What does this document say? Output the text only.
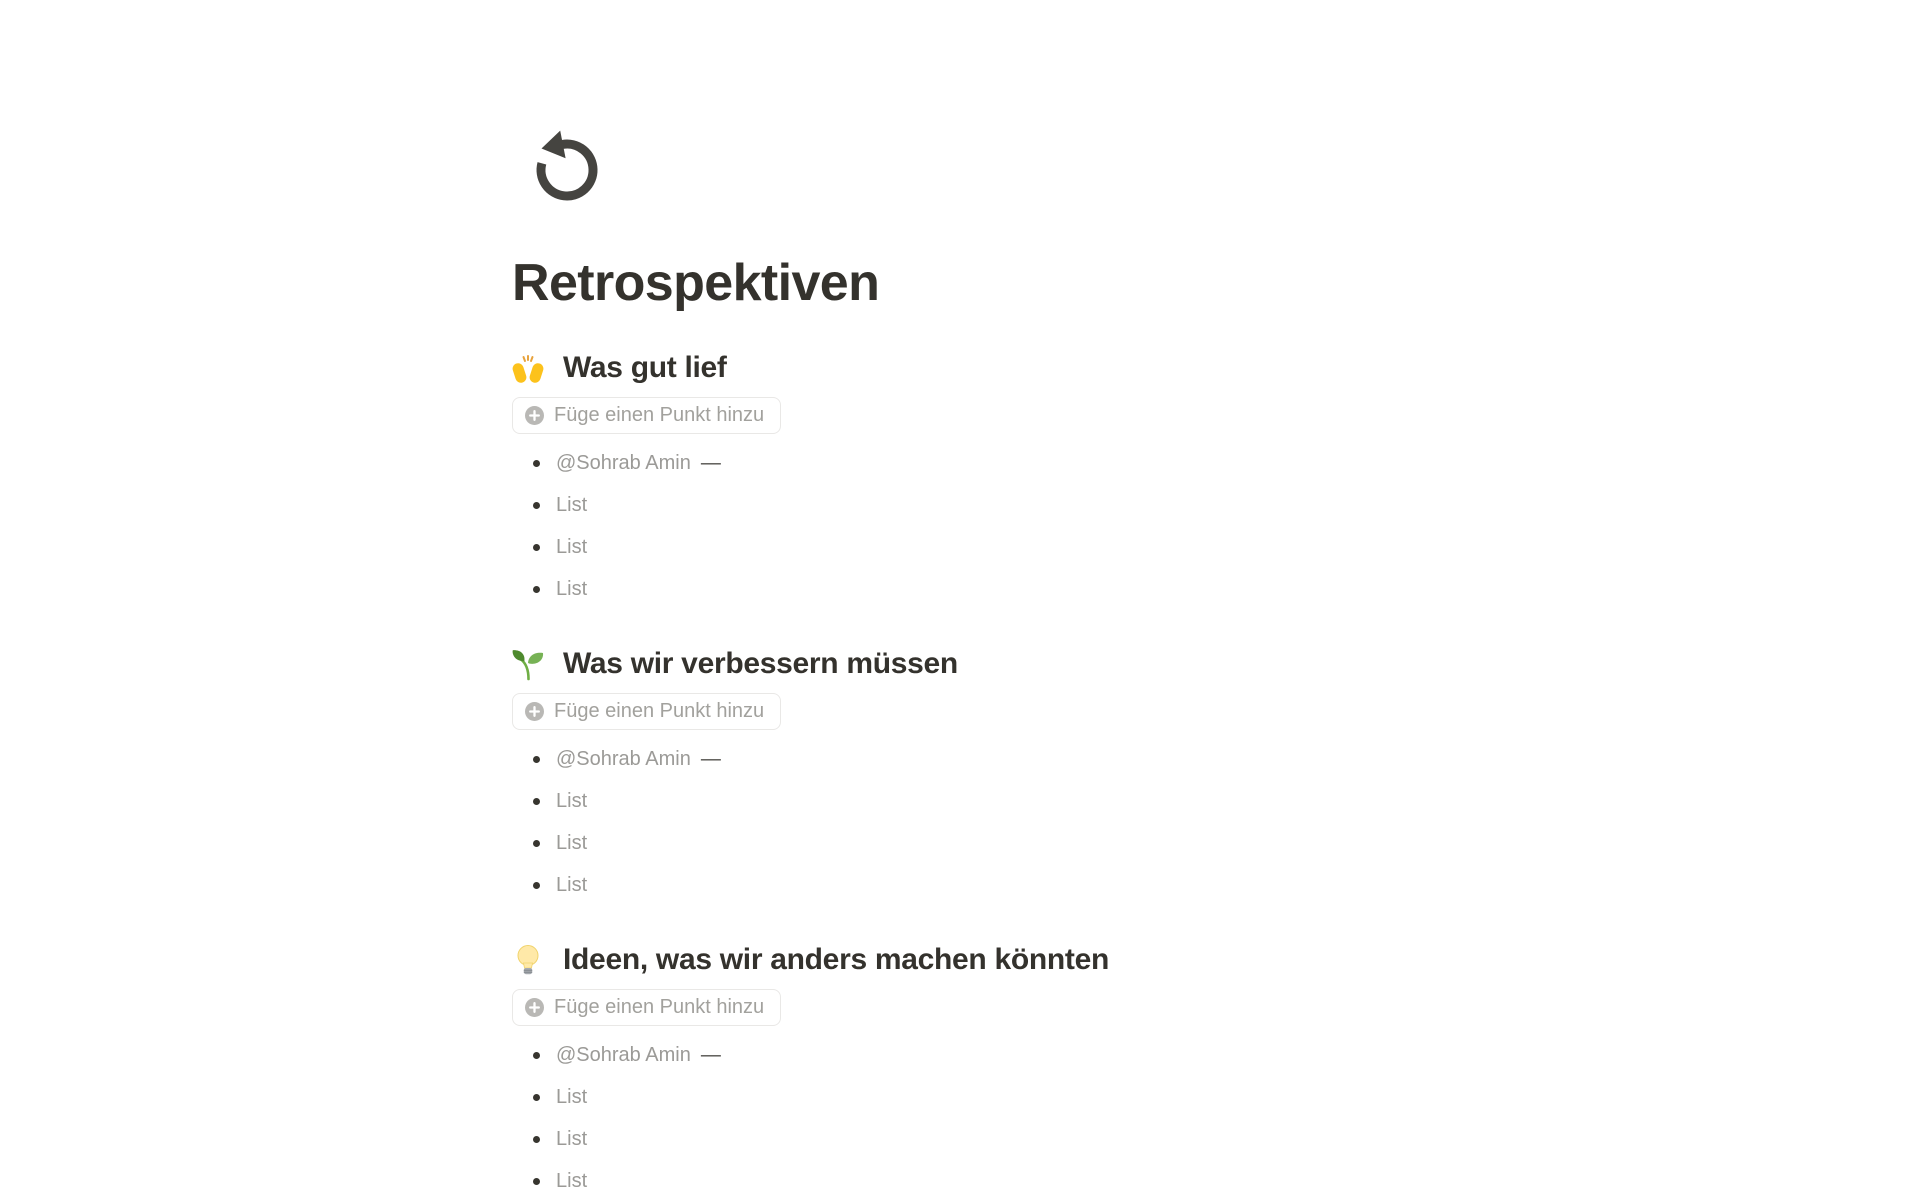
Retrospektiven
Was gut lief
Füge einen Punkt hinzu
@Sohrab Amin —
List
List
List
Was wir verbessern müssen
Füge einen Punkt hinzu
@Sohrab Amin —
List
List
List
Ideen, was wir anders machen könnten
Füge einen Punkt hinzu
@Sohrab Amin —
List
List
List
